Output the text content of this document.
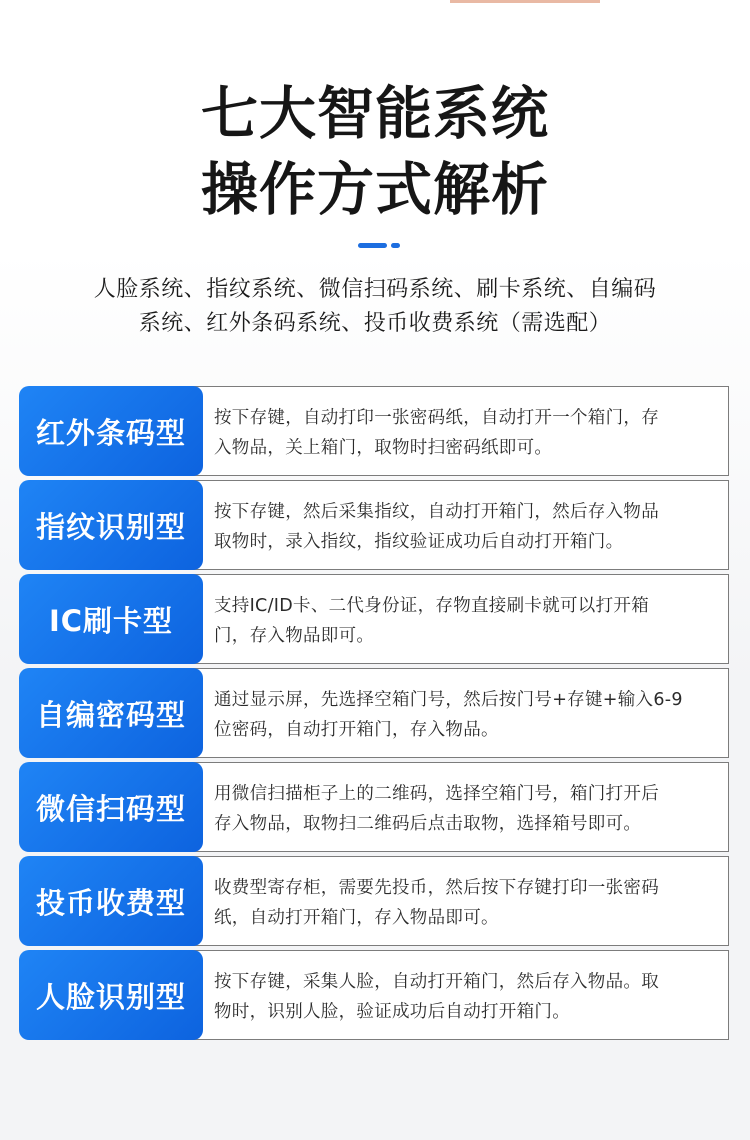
七大智能系统
操作方式解析
人脸系统、指纹系统、微信扫码系统、刷卡系统、自编码
系统、红外条码系统、投币收费系统（需选配）
按下存键，自动打印一张密码纸，自动打开一个箱门，存
入物品，关上箱门，取物时扫密码纸即可。
红外条码型
按下存键，然后采集指纹，自动打开箱门，然后存入物品
取物时，录入指纹，指纹验证成功后自动打开箱门。
指纹识别型
支持IC/ID卡、二代身份证，存物直接刷卡就可以打开箱
门，存入物品即可。
IC刷卡型
通过显示屏，先选择空箱门号，然后按门号+存键+输入6-9
位密码，自动打开箱门，存入物品。
自编密码型
用微信扫描柜子上的二维码，选择空箱门号，箱门打开后
存入物品，取物扫二维码后点击取物，选择箱号即可。
微信扫码型
收费型寄存柜，需要先投币，然后按下存键打印一张密码
纸，自动打开箱门，存入物品即可。
投币收费型
按下存键，采集人脸，自动打开箱门，然后存入物品。取
物时，识别人脸，验证成功后自动打开箱门。
人脸识别型
